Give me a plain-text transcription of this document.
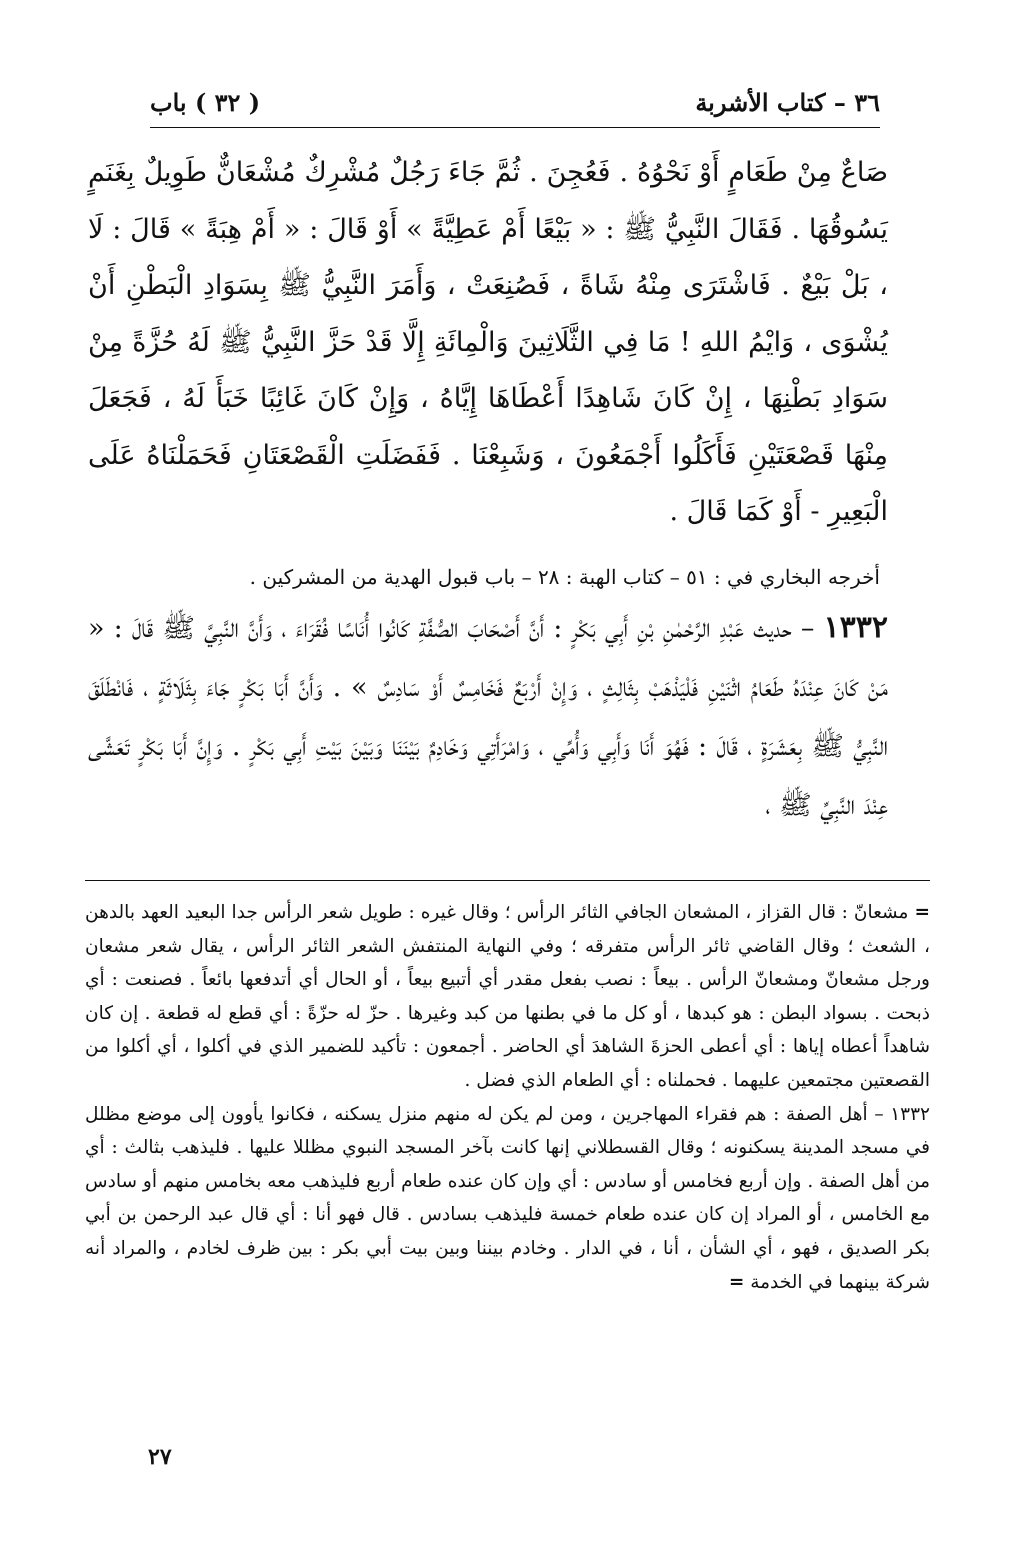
٣٦ – كتاب الأشربة
( ٣٢ ) باب

صَاعٌ مِنْ طَعَامٍ أَوْ نَحْوُهُ . فَعُجِنَ . ثُمَّ جَاءَ رَجُلٌ مُشْرِكٌ مُشْعَانٌّ طَوِيلٌ بِغَنَمٍ يَسُوقُهَا . فَقَالَ النَّبِيُّ ﷺ : « بَيْعًا أَمْ عَطِيَّةً » أَوْ قَالَ : « أَمْ هِبَةً » قَالَ : لَا ، بَلْ بَيْعٌ . فَاشْتَرَى مِنْهُ شَاةً ، فَصُنِعَتْ ، وَأَمَرَ النَّبِيُّ ﷺ بِسَوَادِ الْبَطْنِ أَنْ يُشْوَى ، وَايْمُ اللهِ ! مَا فِي الثَّلَاثِينَ وَالْمِائَةِ إِلَّا قَدْ حَزَّ النَّبِيُّ ﷺ لَهُ حُزَّةً مِنْ سَوَادِ بَطْنِهَا ، إِنْ كَانَ شَاهِدًا أَعْطَاهَا إِيَّاهُ ، وَإِنْ كَانَ غَائِبًا خَبَأَ لَهُ ، فَجَعَلَ مِنْهَا قَصْعَتَيْنِ فَأَكَلُوا أَجْمَعُونَ ، وَشَبِعْنَا . فَفَضَلَتِ الْقَصْعَتَانِ فَحَمَلْنَاهُ عَلَى الْبَعِيرِ - أَوْ كَمَا قَالَ .

أخرجه البخاري في : ٥١ – كتاب الهبة : ٢٨ – باب قبول الهدية من المشركين .

١٣٣٢ – حديث عَبْدِ الرَّحْمٰنِ بْنِ أَبِي بَكْرٍ : أَنَّ أَصْحَابَ الصُّفَّةِ كَانُوا أُنَاسًا فُقَرَاءَ ، وَأَنَّ النَّبِيَّ ﷺ قَالَ : « مَنْ كَانَ عِنْدَهُ طَعَامُ اثْنَيْنِ فَلْيَذْهَبْ بِثَالِثٍ ، وَإِنْ أَرْبَعٌ فَخَامِسٌ أَوْ سَادِسٌ » . وَأَنَّ أَبَا بَكْرٍ جَاءَ بِثَلَاثَةٍ ، فَانْطَلَقَ النَّبِيُّ ﷺ بِعَشَرَةٍ ، قَالَ : فَهُوَ أَنَا وَأَبِي وَأُمِّي ، وَامْرَأَتِي وَخَادِمٌ بَيْنَنَا وَبَيْنَ بَيْتِ أَبِي بَكْرٍ . وَإِنَّ أَبَا بَكْرٍ تَعَشَّى عِنْدَ النَّبِيِّ ﷺ ،

= مشعانّ : قال القزاز ، المشعان الجافي الثائر الرأس ؛ وقال غيره : طويل شعر الرأس جدا البعيد العهد بالدهن ، الشعث ؛ وقال القاضي ثائر الرأس متفرقه ؛ وفي النهاية المنتفش الشعر الثائر الرأس ، يقال شعر مشعان ورجل مشعانّ ومشعانّ الرأس . بيعاً : نصب بفعل مقدر أي أتبيع بيعاً ، أو الحال أي أتدفعها بائعاً . فصنعت : أي ذبحت . بسواد البطن : هو كبدها ، أو كل ما في بطنها من كبد وغيرها . حزّ له حزّةً : أي قطع له قطعة . إن كان شاهداً أعطاه إياها : أي أعطى الحزةَ الشاهدَ أي الحاضر . أجمعون : تأكيد للضمير الذي في أكلوا ، أي أكلوا من القصعتين مجتمعين عليهما . فحملناه : أي الطعام الذي فضل .

١٣٣٢ – أهل الصفة : هم فقراء المهاجرين ، ومن لم يكن له منهم منزل يسكنه ، فكانوا يأوون إلى موضع مظلل في مسجد المدينة يسكنونه ؛ وقال القسطلاني إنها كانت بآخر المسجد النبوي مظللا عليها . فليذهب بثالث : أي من أهل الصفة . وإن أربع فخامس أو سادس : أي وإن كان عنده طعام أربع فليذهب معه بخامس منهم أو سادس مع الخامس ، أو المراد إن كان عنده طعام خمسة فليذهب بسادس . قال فهو أنا : أي قال عبد الرحمن بن أبي بكر الصديق ، فهو ، أي الشأن ، أنا ، في الدار . وخادم بيننا وبين بيت أبي بكر : بين ظرف لخادم ، والمراد أنه شركة بينهما في الخدمة =

٢٧
